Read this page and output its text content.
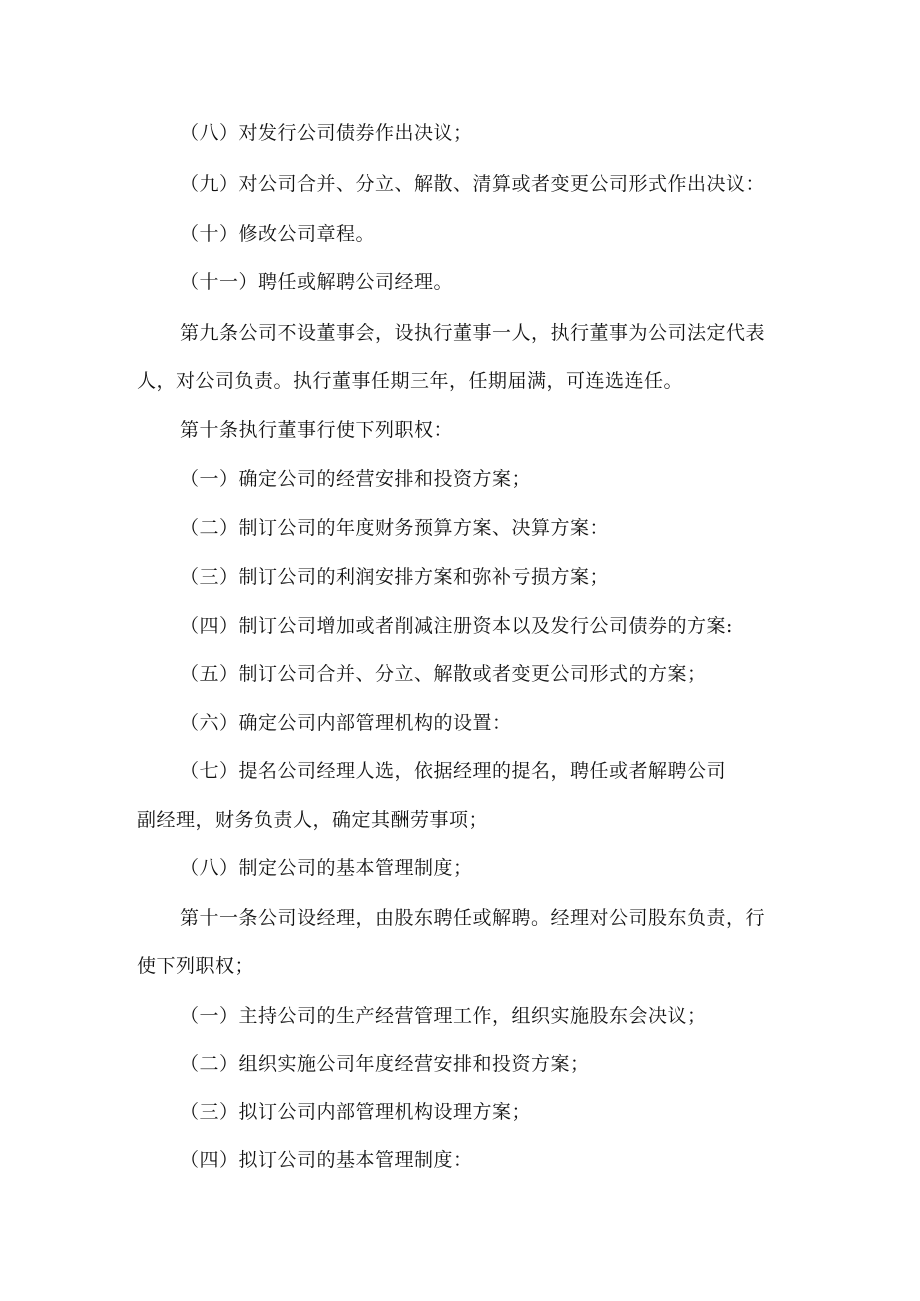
（八）对发行公司债券作出决议；
（九）对公司合并、分立、解散、清算或者变更公司形式作出决议：
（十）修改公司章程。
（十一）聘任或解聘公司经理。
第九条公司不设董事会，设执行董事一人，执行董事为公司法定代表
人，对公司负责。执行董事任期三年，任期届满，可连选连任。
第十条执行董事行使下列职权：
（一）确定公司的经营安排和投资方案；
（二）制订公司的年度财务预算方案、决算方案：
（三）制订公司的利润安排方案和弥补亏损方案；
（四）制订公司增加或者削减注册资本以及发行公司债券的方案:
（五）制订公司合并、分立、解散或者变更公司形式的方案；
（六）确定公司内部管理机构的设置：
（七）提名公司经理人选，依据经理的提名，聘任或者解聘公司
副经理，财务负责人，确定其酬劳事项；
（八）制定公司的基本管理制度；
第十一条公司设经理，由股东聘任或解聘。经理对公司股东负责，行
使下列职权；
（一）主持公司的生产经营管理工作，组织实施股东会决议；
（二）组织实施公司年度经营安排和投资方案；
（三）拟订公司内部管理机构设理方案；
（四）拟订公司的基本管理制度：
